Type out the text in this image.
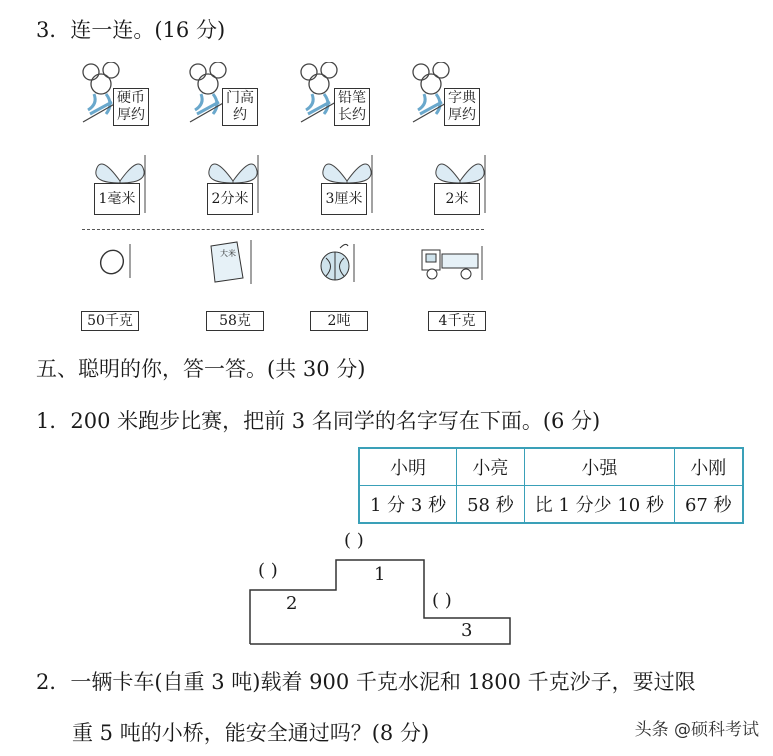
3．连一连。(16 分)
硬币
厚约
门高
约
铅笔
长约
字典
厚约
1毫米	2分米	3厘米	2米
大米
50千克	58克	2吨	4千克
五、聪明的你，答一答。(共 30 分)
1．200 米跑步比赛，把前 3 名同学的名字写在下面。(6 分)
小明	小亮	小强	小刚
1 分 3 秒	58 秒	比 1 分少 10 秒	67 秒
( )
( )
( )
1
2
3
2．一辆卡车(自重 3 吨)载着 900 千克水泥和 1800 千克沙子，要过限
重 5 吨的小桥，能安全通过吗？(8 分)	头条 @硕科考试
